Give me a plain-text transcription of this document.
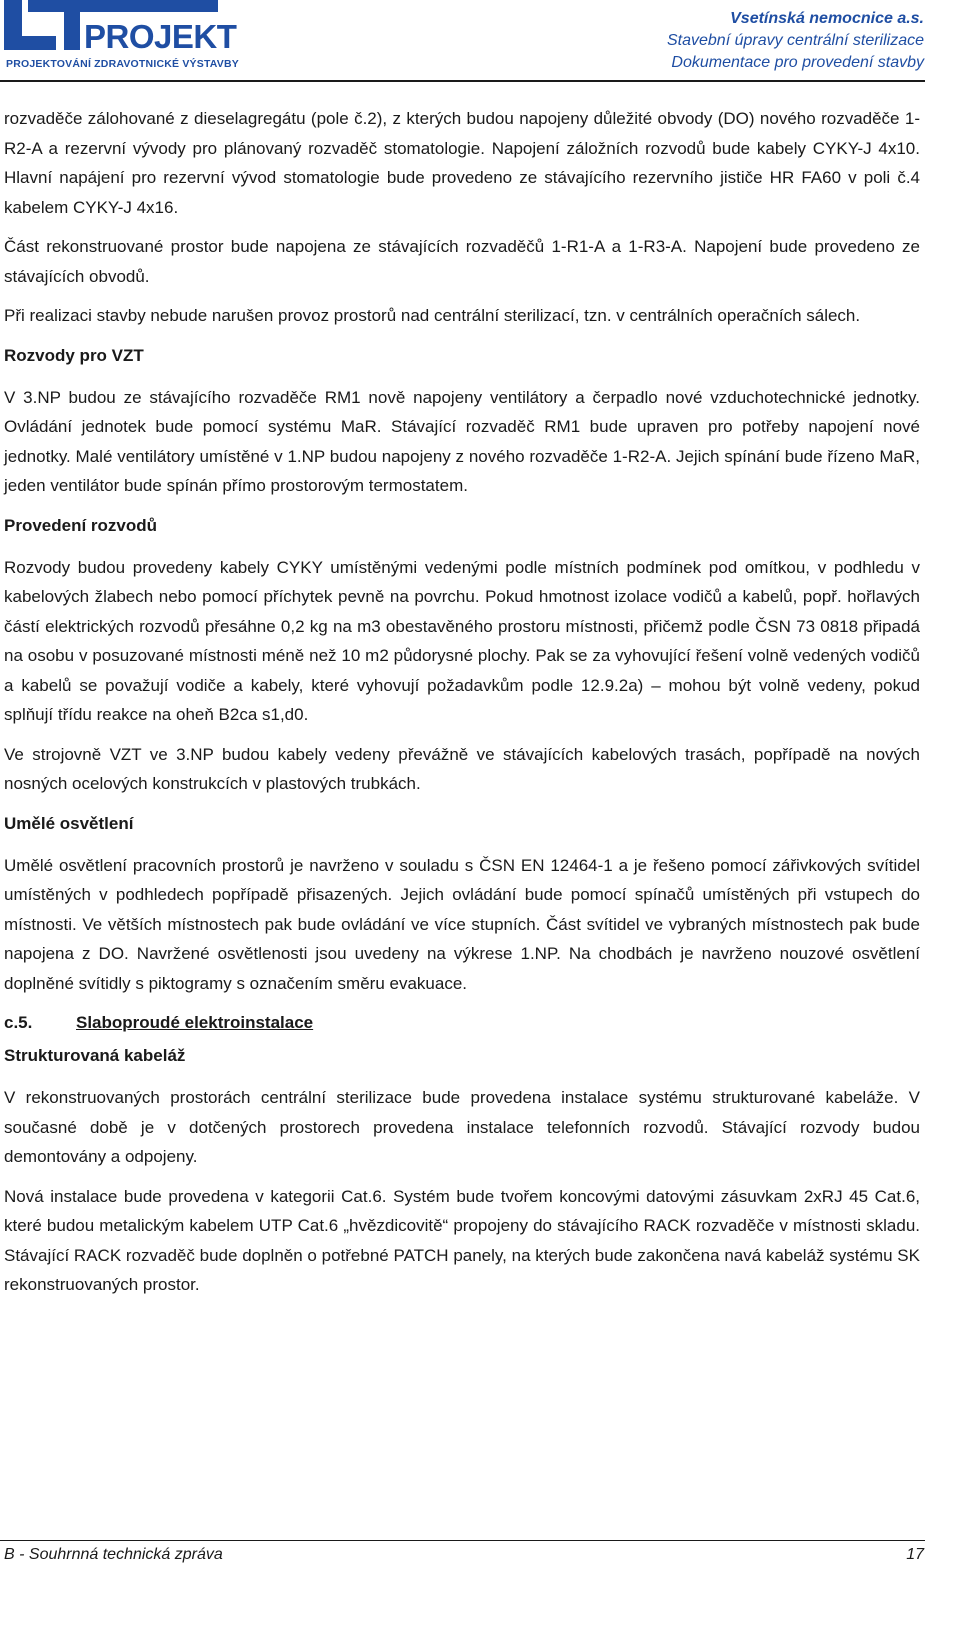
PROJEKT
PROJEKTOVÁNÍ ZDRAVOTNICKÉ VÝSTAVBY
Vsetínská nemocnice a.s.
Stavební úpravy centrální sterilizace
Dokumentace pro provedení stavby

rozvaděče zálohované z dieselagregátu (pole č.2), z kterých budou napojeny důležité obvody (DO) nového rozvaděče 1-R2-A a rezervní vývody pro plánovaný rozvaděč stomatologie. Napojení záložních rozvodů bude kabely CYKY-J 4x10. Hlavní napájení pro rezervní vývod stomatologie bude provedeno ze stávajícího rezervního jističe HR FA60 v poli č.4 kabelem CYKY-J 4x16.

Část rekonstruované prostor bude napojena ze stávajících rozvaděčů 1-R1-A a 1-R3-A. Napojení bude provedeno ze stávajících obvodů.

Při realizaci stavby nebude narušen provoz prostorů nad centrální sterilizací, tzn. v centrálních operačních sálech.

Rozvody pro VZT

V 3.NP budou ze stávajícího rozvaděče RM1 nově napojeny ventilátory a čerpadlo nové vzduchotechnické jednotky. Ovládání jednotek bude pomocí systému MaR. Stávající rozvaděč RM1 bude upraven pro potřeby napojení nové jednotky. Malé ventilátory umístěné v 1.NP budou napojeny z nového rozvaděče 1-R2-A. Jejich spínání bude řízeno MaR, jeden ventilátor bude spínán přímo prostorovým termostatem.

Provedení rozvodů

Rozvody budou provedeny kabely CYKY umístěnými vedenými podle místních podmínek pod omítkou, v podhledu v kabelových žlabech nebo pomocí příchytek pevně na povrchu. Pokud hmotnost izolace vodičů a kabelů, popř. hořlavých částí elektrických rozvodů přesáhne 0,2 kg na m3 obestavěného prostoru místnosti, přičemž podle ČSN 73 0818 připadá na osobu v posuzované místnosti méně než 10 m2 půdorysné plochy. Pak se za vyhovující řešení volně vedených vodičů a kabelů se považují vodiče a kabely, které vyhovují požadavkům podle 12.9.2a) – mohou být volně vedeny, pokud splňují třídu reakce na oheň B2ca s1,d0.

Ve strojovně VZT ve 3.NP budou kabely vedeny převážně ve stávajících kabelových trasách, popřípadě na nových nosných ocelových konstrukcích v plastových trubkách.

Umělé osvětlení

Umělé osvětlení pracovních prostorů je navrženo v souladu s ČSN EN 12464-1 a je řešeno pomocí zářivkových svítidel umístěných v podhledech popřípadě přisazených. Jejich ovládání bude pomocí spínačů umístěných při vstupech do místnosti. Ve větších místnostech pak bude ovládání ve více stupních. Část svítidel ve vybraných místnostech pak bude napojena z DO. Navržené osvětlenosti jsou uvedeny na výkrese 1.NP. Na chodbách je navrženo nouzové osvětlení doplněné svítidly s piktogramy s označením směru evakuace.

c.5.	Slaboproudé elektroinstalace
Strukturovaná kabeláž

V rekonstruovaných prostorách centrální sterilizace bude provedena instalace systému strukturované kabeláže. V současné době je v dotčených prostorech provedena instalace telefonních rozvodů. Stávající rozvody budou demontovány a odpojeny.

Nová instalace bude provedena v kategorii Cat.6. Systém bude tvořem koncovými datovými zásuvkam 2xRJ 45 Cat.6, které budou metalickým kabelem UTP Cat.6 „hvězdicovitě“ propojeny do stávajícího RACK rozvaděče v místnosti skladu. Stávající RACK rozvaděč bude doplněn o potřebné PATCH panely, na kterých bude zakončena navá kabeláž systému SK rekonstruovaných prostor.

B - Souhrnná technická zpráva	17
